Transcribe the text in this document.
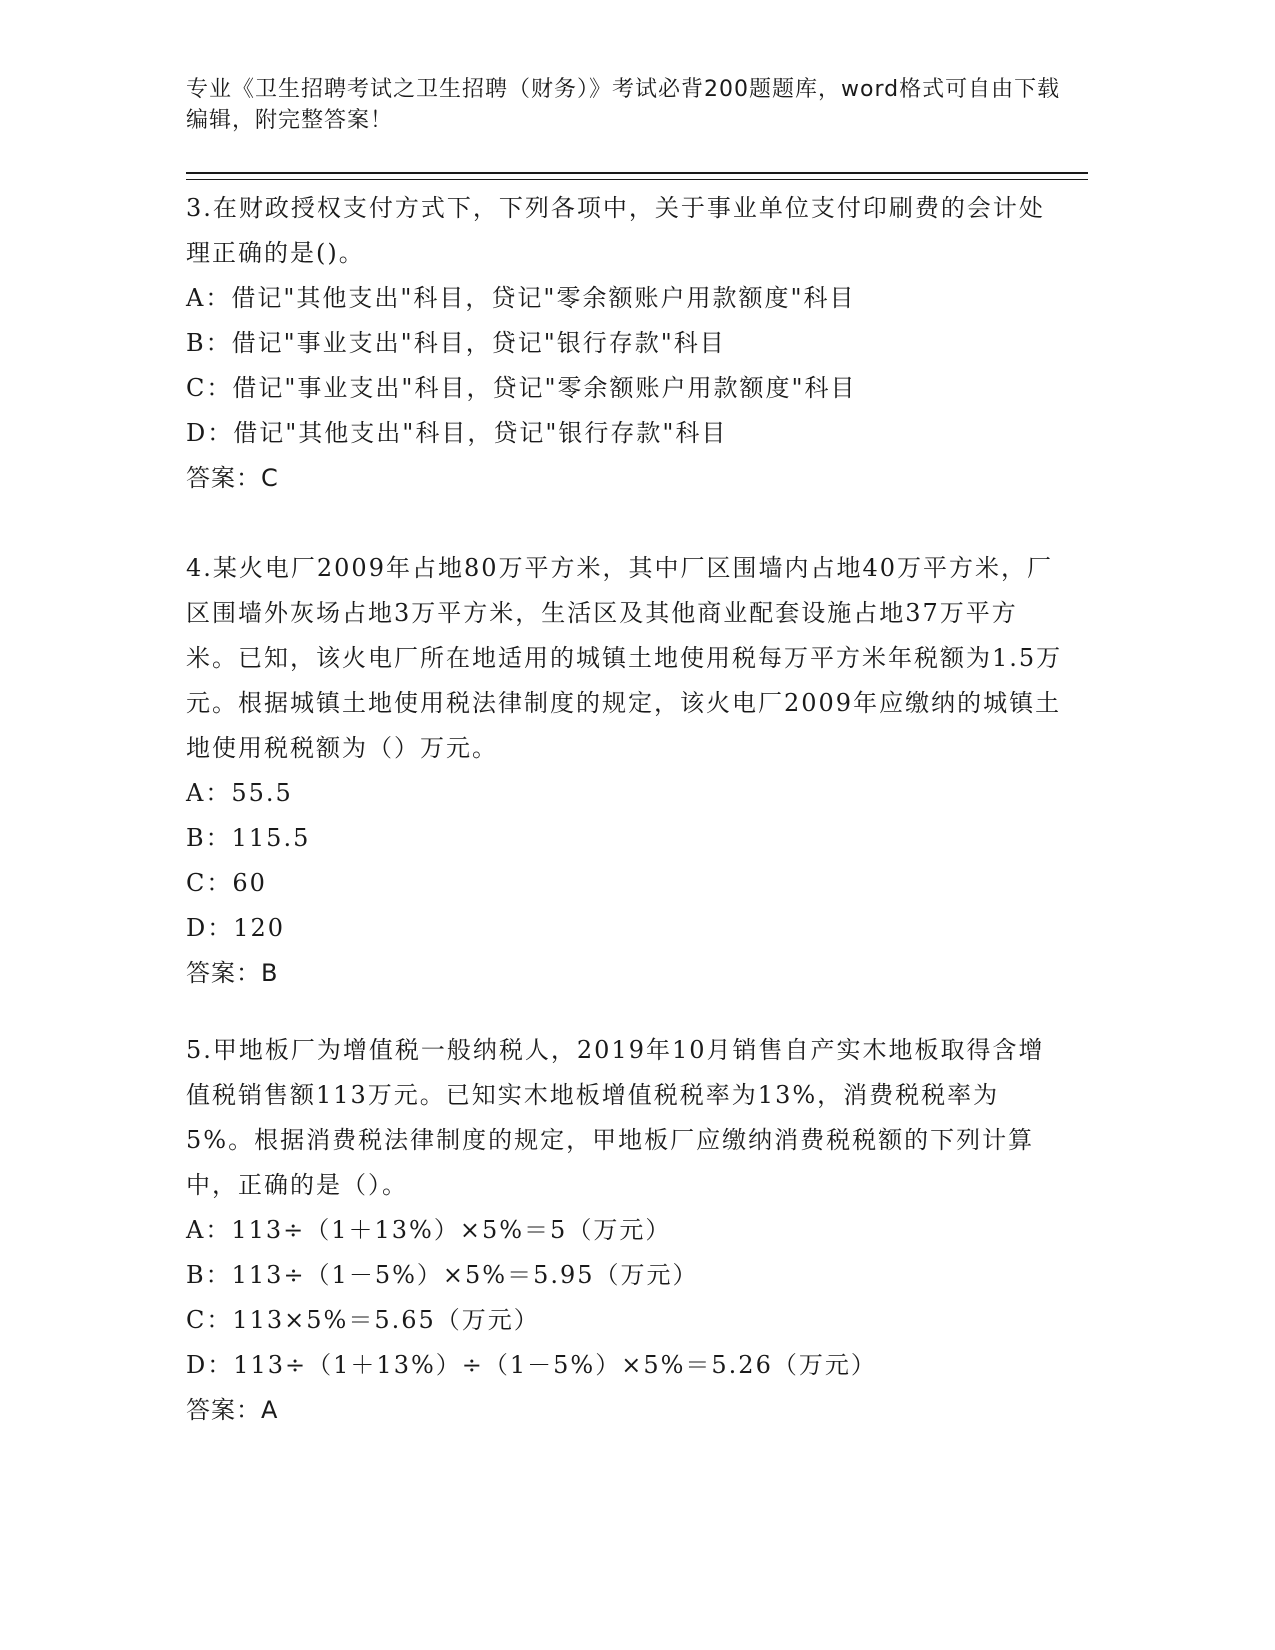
专业《卫生招聘考试之卫生招聘（财务）》考试必背200题题库，word格式可自由下载编辑，附完整答案！

3.在财政授权支付方式下，下列各项中，关于事业单位支付印刷费的会计处理正确的是()。

A：借记"其他支出"科目，贷记"零余额账户用款额度"科目

B：借记"事业支出"科目，贷记"银行存款"科目

C：借记"事业支出"科目，贷记"零余额账户用款额度"科目

D：借记"其他支出"科目，贷记"银行存款"科目

答案：C

4.某火电厂2009年占地80万平方米，其中厂区围墙内占地40万平方米，厂区围墙外灰场占地3万平方米，生活区及其他商业配套设施占地37万平方米。已知，该火电厂所在地适用的城镇土地使用税每万平方米年税额为1.5万元。根据城镇土地使用税法律制度的规定，该火电厂2009年应缴纳的城镇土地使用税税额为（）万元。

A：55.5

B：115.5

C：60

D：120

答案：B

5.甲地板厂为增值税一般纳税人，2019年10月销售自产实木地板取得含增值税销售额113万元。已知实木地板增值税税率为13%，消费税税率为5%。根据消费税法律制度的规定，甲地板厂应缴纳消费税税额的下列计算中，正确的是（）。

A：113÷（1＋13%）×5%＝5（万元）

B：113÷（1－5%）×5%＝5.95（万元）

C：113×5%＝5.65（万元）

D：113÷（1＋13%）÷（1－5%）×5%＝5.26（万元）

答案：A
